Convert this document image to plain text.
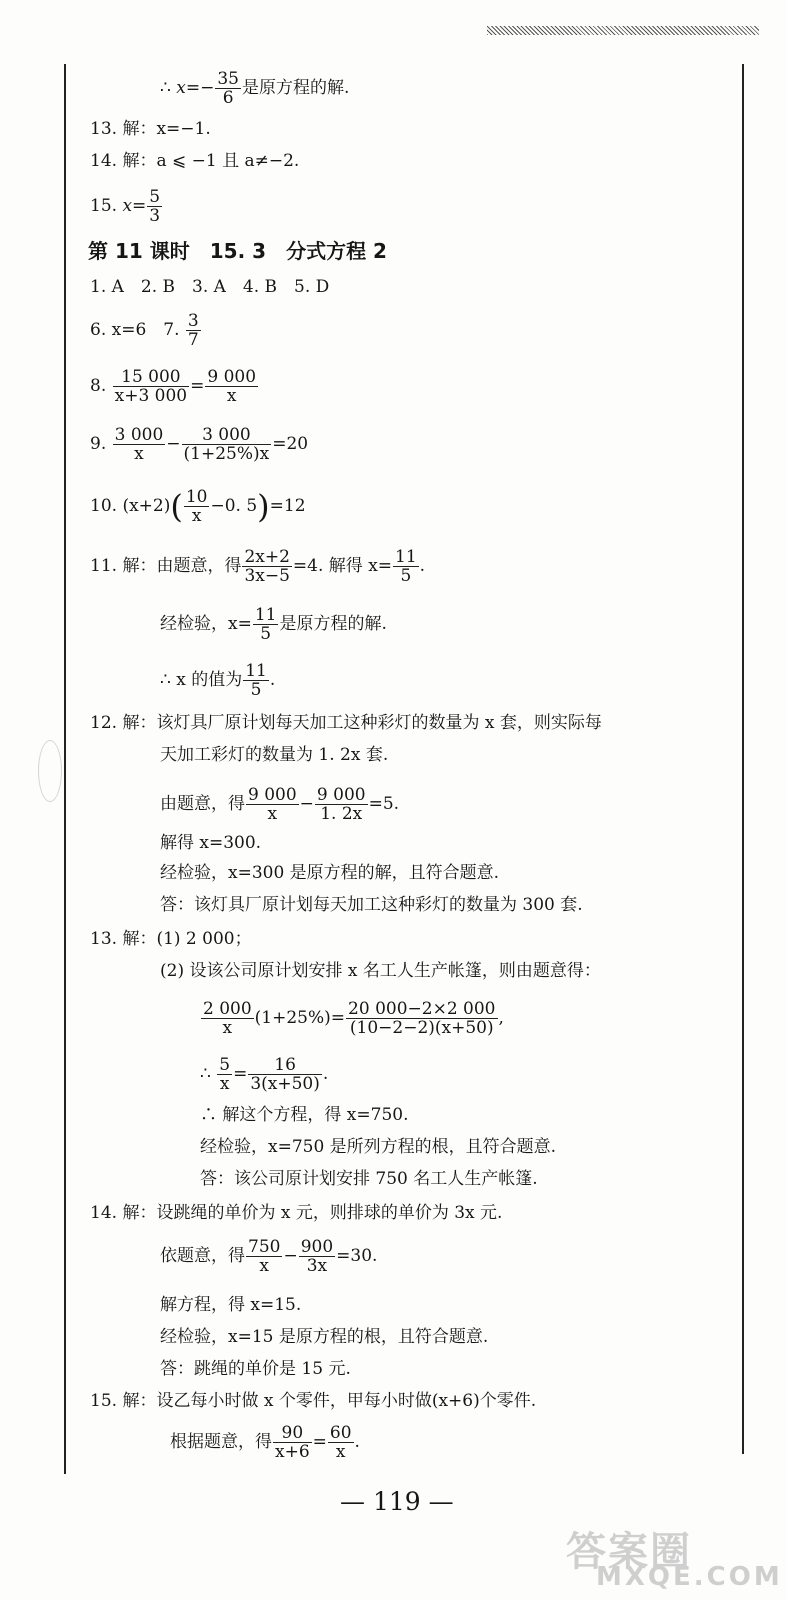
∴ $x=- \frac{35}{6}$ 是原方程的解.
13. 解：x=−1.
14. 解：a ⩽ −1 且 a≠−2.
15. $x= \frac{5}{3}$
第 11 课时　15. 3　分式方程 2
1. A　2. B　3. A　4. B　5. D
6. x=6　7. $\frac{3}{7}$
8. $\frac{15 000}{x+3 000} = \frac{9 000}{x}$
9. $\frac{3 000}{x} - \frac{3 000}{(1+25\%)x} =20$
10. $(x+2)( \frac{10}{x} -0$. 5)=12
11. 解：由题意，得 $\frac{2x+2}{3x-5} =4$. 解得 $x= \frac{11}{5}$ .
经检验，$x= \frac{11}{5}$ 是原方程的解.
∴ x 的值为 $\frac{11}{5}$ .
12. 解：该灯具厂原计划每天加工这种彩灯的数量为 x 套，则实际每
天加工彩灯的数量为 1. 2x 套.
由题意，得 $\frac{9 000}{x} - \frac{9 000}{1. 2x} =5$.
解得 x=300.
经检验，x=300 是原方程的解，且符合题意.
答：该灯具厂原计划每天加工这种彩灯的数量为 300 套.
13. 解：(1) 2 000；
(2) 设该公司原计划安排 x 名工人生产帐篷，则由题意得：
$\frac{2 000}{x} (1+25\%)= \frac{20 000-2\times 2 000}{(10-2-2)(x+50)}$ ,
∴ $\frac{5}{x} = \frac{16}{3(x+50)}$ .
∴ 解这个方程，得 x=750.
经检验，x=750 是所列方程的根，且符合题意.
答：该公司原计划安排 750 名工人生产帐篷.
14. 解：设跳绳的单价为 x 元，则排球的单价为 3x 元.
依题意，得 $\frac{750}{x} - \frac{900}{3x} =30$.
解方程，得 x=15.
经检验，x=15 是原方程的根，且符合题意.
答：跳绳的单价是 15 元.
15. 解：设乙每小时做 x 个零件，甲每小时做(x+6)个零件.
根据题意，得 $\frac{90}{x+6} = \frac{60}{x}$ .
— 119 —
答案圈
MXQE.COM
